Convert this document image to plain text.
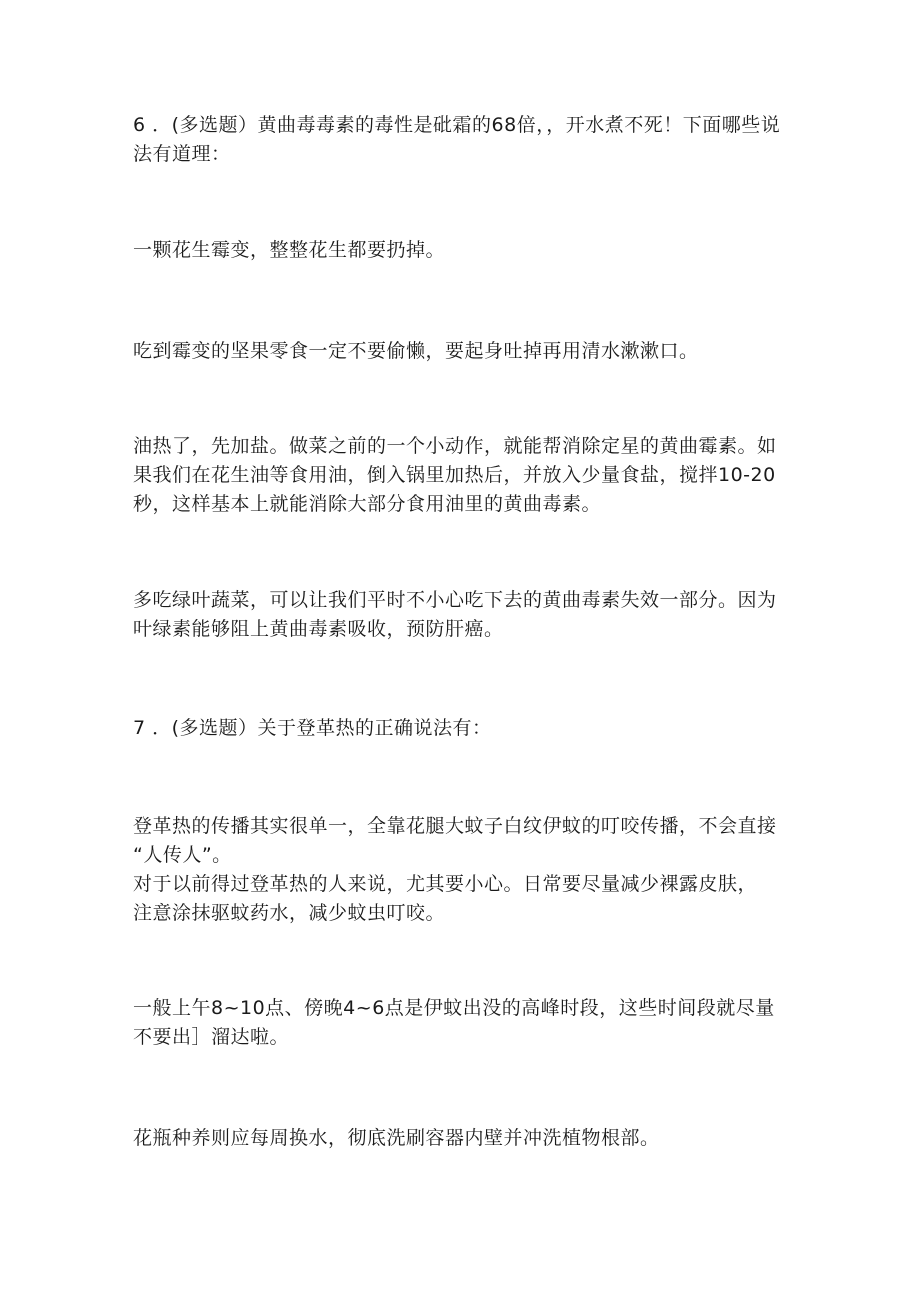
6 ．(多选题）黄曲毒毒素的毒性是砒霜的68倍，，开水煮不死！下面哪些说
法有道理：

一颗花生霉变，整整花生都要扔掉。

吃到霉变的坚果零食一定不要偷懒，要起身吐掉再用清水漱漱口。

油热了，先加盐。做菜之前的一个小动作，就能帮消除定星的黄曲霉素。如
果我们在花生油等食用油，倒入锅里加热后，并放入少量食盐，搅拌10-20
秒，这样基本上就能消除大部分食用油里的黄曲毒素。

多吃绿叶蔬菜，可以让我们平时不小心吃下去的黄曲毒素失效一部分。因为
叶绿素能够阻上黄曲毒素吸收，预防肝癌。

7 ．(多选题）关于登革热的正确说法有：

登革热的传播其实很单一，全靠花腿大蚊子白纹伊蚊的叮咬传播，不会直接
“人传人”。
对于以前得过登革热的人来说，尤其要小心。日常要尽量减少裸露皮肤，
注意涂抹驱蚊药水，减少蚊虫叮咬。

一般上午8~10点、傍晚4~6点是伊蚊出没的高峰时段，这些时间段就尽量
不要出］溜达啦。

花瓶种养则应每周换水，彻底洗刷容器内壁并冲洗植物根部。
